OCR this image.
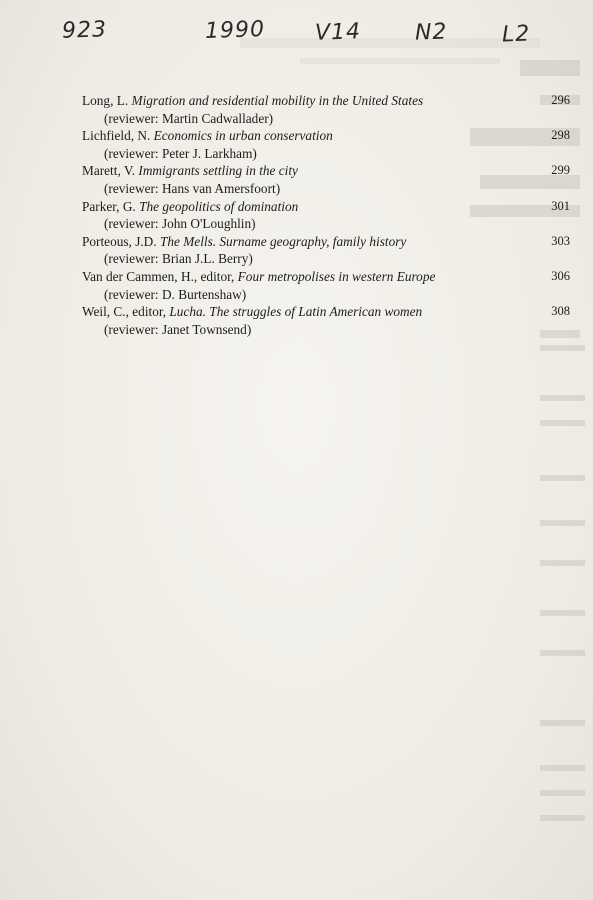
923	1990 V14 N2 L2
Long, L. Migration and residential mobility in the United States
(reviewer: Martin Cadwallader)
296
Lichfield, N. Economics in urban conservation
(reviewer: Peter J. Larkham)
298
Marett, V. Immigrants settling in the city
(reviewer: Hans van Amersfoort)
299
Parker, G. The geopolitics of domination
(reviewer: John O'Loughlin)
301
Porteous, J.D. The Mells. Surname geography, family history
(reviewer: Brian J.L. Berry)
303
Van der Cammen, H., editor, Four metropolises in western Europe
(reviewer: D. Burtenshaw)
306
Weil, C., editor, Lucha. The struggles of Latin American women
(reviewer: Janet Townsend)
308
